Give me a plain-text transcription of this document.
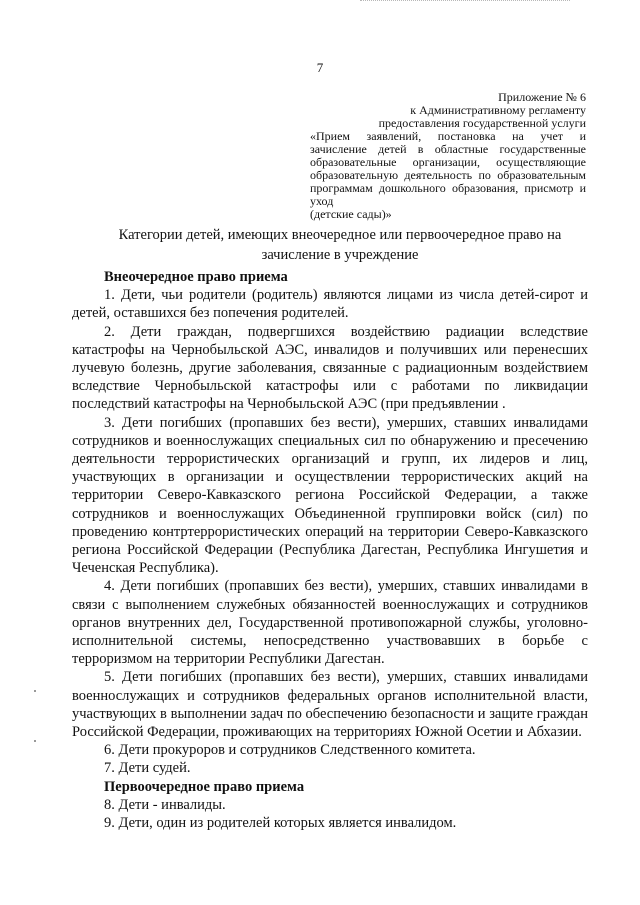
7
Приложение № 6
к Административному регламенту
предоставления государственной услуги
«Прием заявлений, постановка на учет и
зачисление детей в областные государственные
образовательные организации, осуществляющие
образовательную деятельность по образовательным
программам дошкольного образования, присмотр и уход
(детские сады)»
Категории детей, имеющих внеочередное или первоочередное право на
зачисление в учреждение
Внеочередное право приема

1. Дети, чьи родители (родитель) являются лицами из числа детей-сирот и детей, оставшихся без попечения родителей.

2. Дети граждан, подвергшихся воздействию радиации вследствие катастрофы на Чернобыльской АЭС, инвалидов и получивших или перенесших лучевую болезнь, другие заболевания, связанные с радиационным воздействием вследствие Чернобыльской катастрофы или с работами по ликвидации последствий катастрофы на Чернобыльской АЭС (при предъявлении .

3. Дети погибших (пропавших без вести), умерших, ставших инвалидами сотрудников и военнослужащих специальных сил по обнаружению и пресечению деятельности террористических организаций и групп, их лидеров и лиц, участвующих в организации и осуществлении террористических акций на территории Северо-Кавказского региона Российской Федерации, а также сотрудников и военнослужащих Объединенной группировки войск (сил) по проведению контртеррористических операций на территории Северо-Кавказского региона Российской Федерации (Республика Дагестан, Республика Ингушетия и Чеченская Республика).

4. Дети погибших (пропавших без вести), умерших, ставших инвалидами в связи с выполнением служебных обязанностей военнослужащих и сотрудников органов внутренних дел, Государственной противопожарной службы, уголовно-исполнительной системы, непосредственно участвовавших в борьбе с терроризмом на территории Республики Дагестан.

5. Дети погибших (пропавших без вести), умерших, ставших инвалидами военнослужащих и сотрудников федеральных органов исполнительной власти, участвующих в выполнении задач по обеспечению безопасности и защите граждан Российской Федерации, проживающих на территориях Южной Осетии и Абхазии.

6. Дети прокуроров и сотрудников Следственного комитета.

7. Дети судей.

Первоочередное право приема

8. Дети - инвалиды.

9. Дети, один из родителей которых является инвалидом.
